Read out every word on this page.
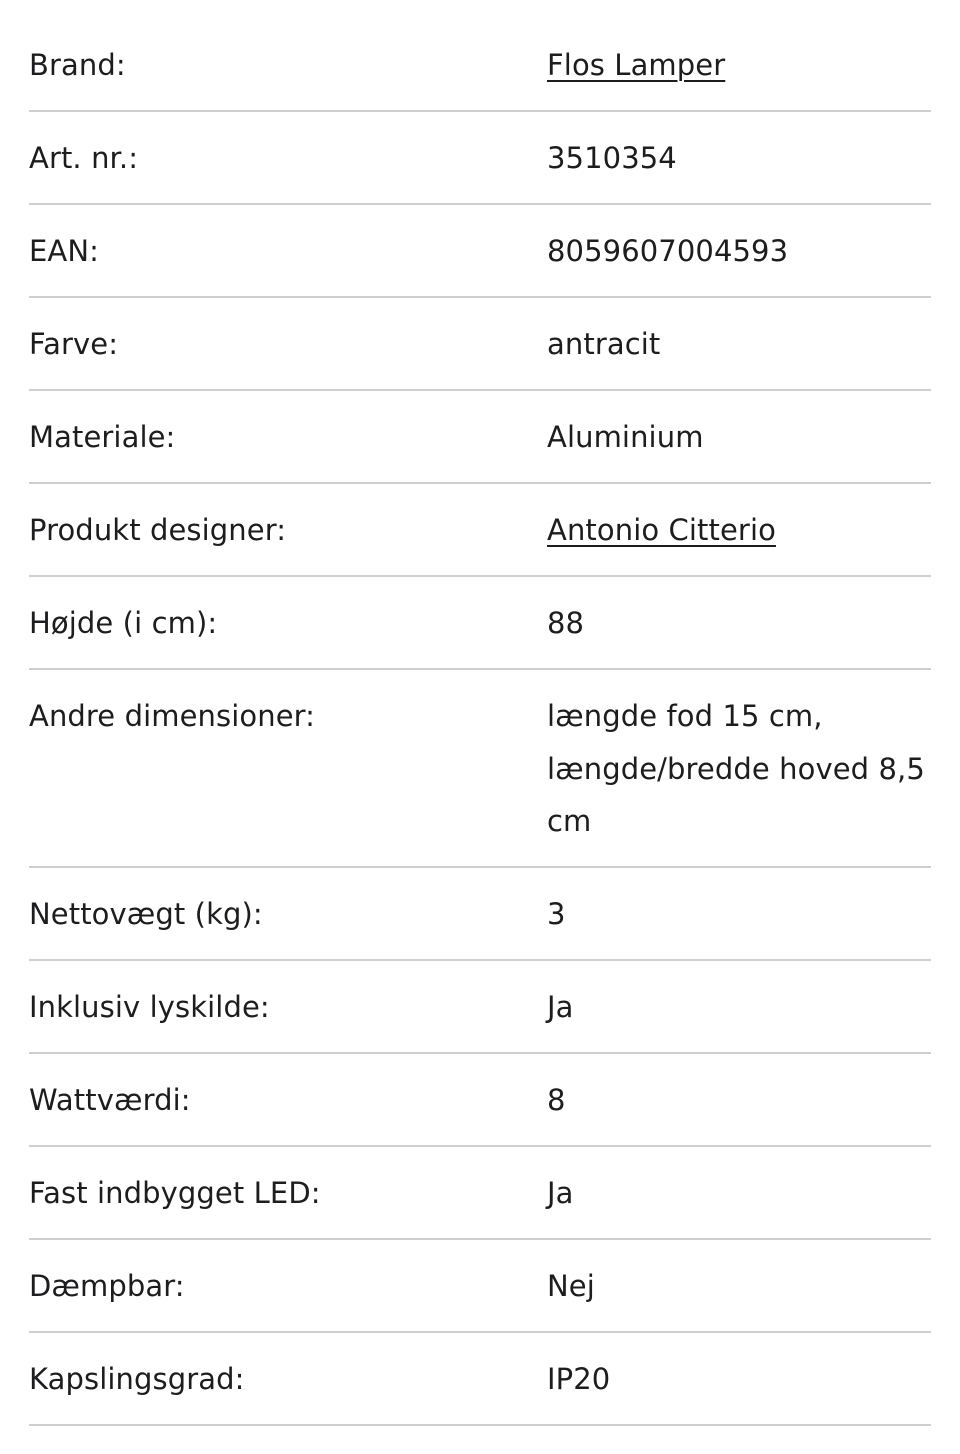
Brand:	Flos Lamper
Art. nr.:	3510354
EAN:	8059607004593
Farve:	antracit
Materiale:	Aluminium
Produkt designer:	Antonio Citterio
Højde (i cm):	88
Andre dimensioner:	længde fod 15 cm, længde/bredde hoved 8,5 cm
Nettovægt (kg):	3
Inklusiv lyskilde:	Ja
Wattværdi:	8
Fast indbygget LED:	Ja
Dæmpbar:	Nej
Kapslingsgrad:	IP20
